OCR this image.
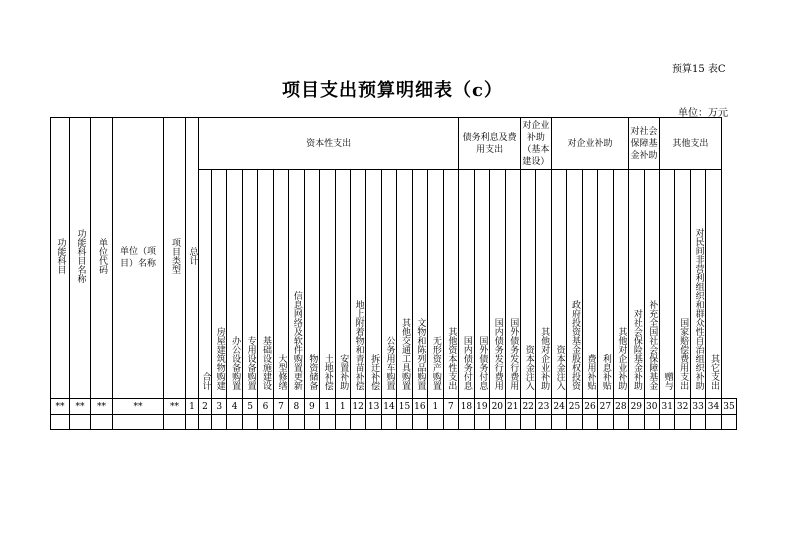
预算15 表C
项目支出预算明细表（c）
单位：万元
功能科目	功能科目名称	单位代码	单位（项目）名称	项目类型	总计	资本性支出																	债务利息及费用支出				对企业补助（基本建设）		对企业补助					对社会保障基金补助		其他支出				

						合计	房屋建筑物购建	办公设备购置	专用设备购置	基础设施建设	大型修缮	信息网络及软件购置更新	物资储备	土地补偿	安置补助	地上附着物和青苗补偿	拆迁补偿	公务用车购置	其他交通工具购置	文物和陈列品购置	无形资产购置	其他资本性支出	国内债务付息	国外债务付息	国内债务发行费用	国外债务发行费用	资本金注入	其他对企业补助	资本金注入	政府投资基金股权投资	费用补贴	利息补贴	其他对企业补助	对社会保险基金补助	补充全国社会保障基金	赠与	国家赔偿费用支出	对民间非营利组织和群众性自治组织补助	其它支出	
**	**	**	**	**	1	2	3	4	5	6	7	8	9	1	1	12	13	14	15	16	1	7	18	19	20	21	22	23	24	25	26	27	28	29	30	31	32	33	34	35
